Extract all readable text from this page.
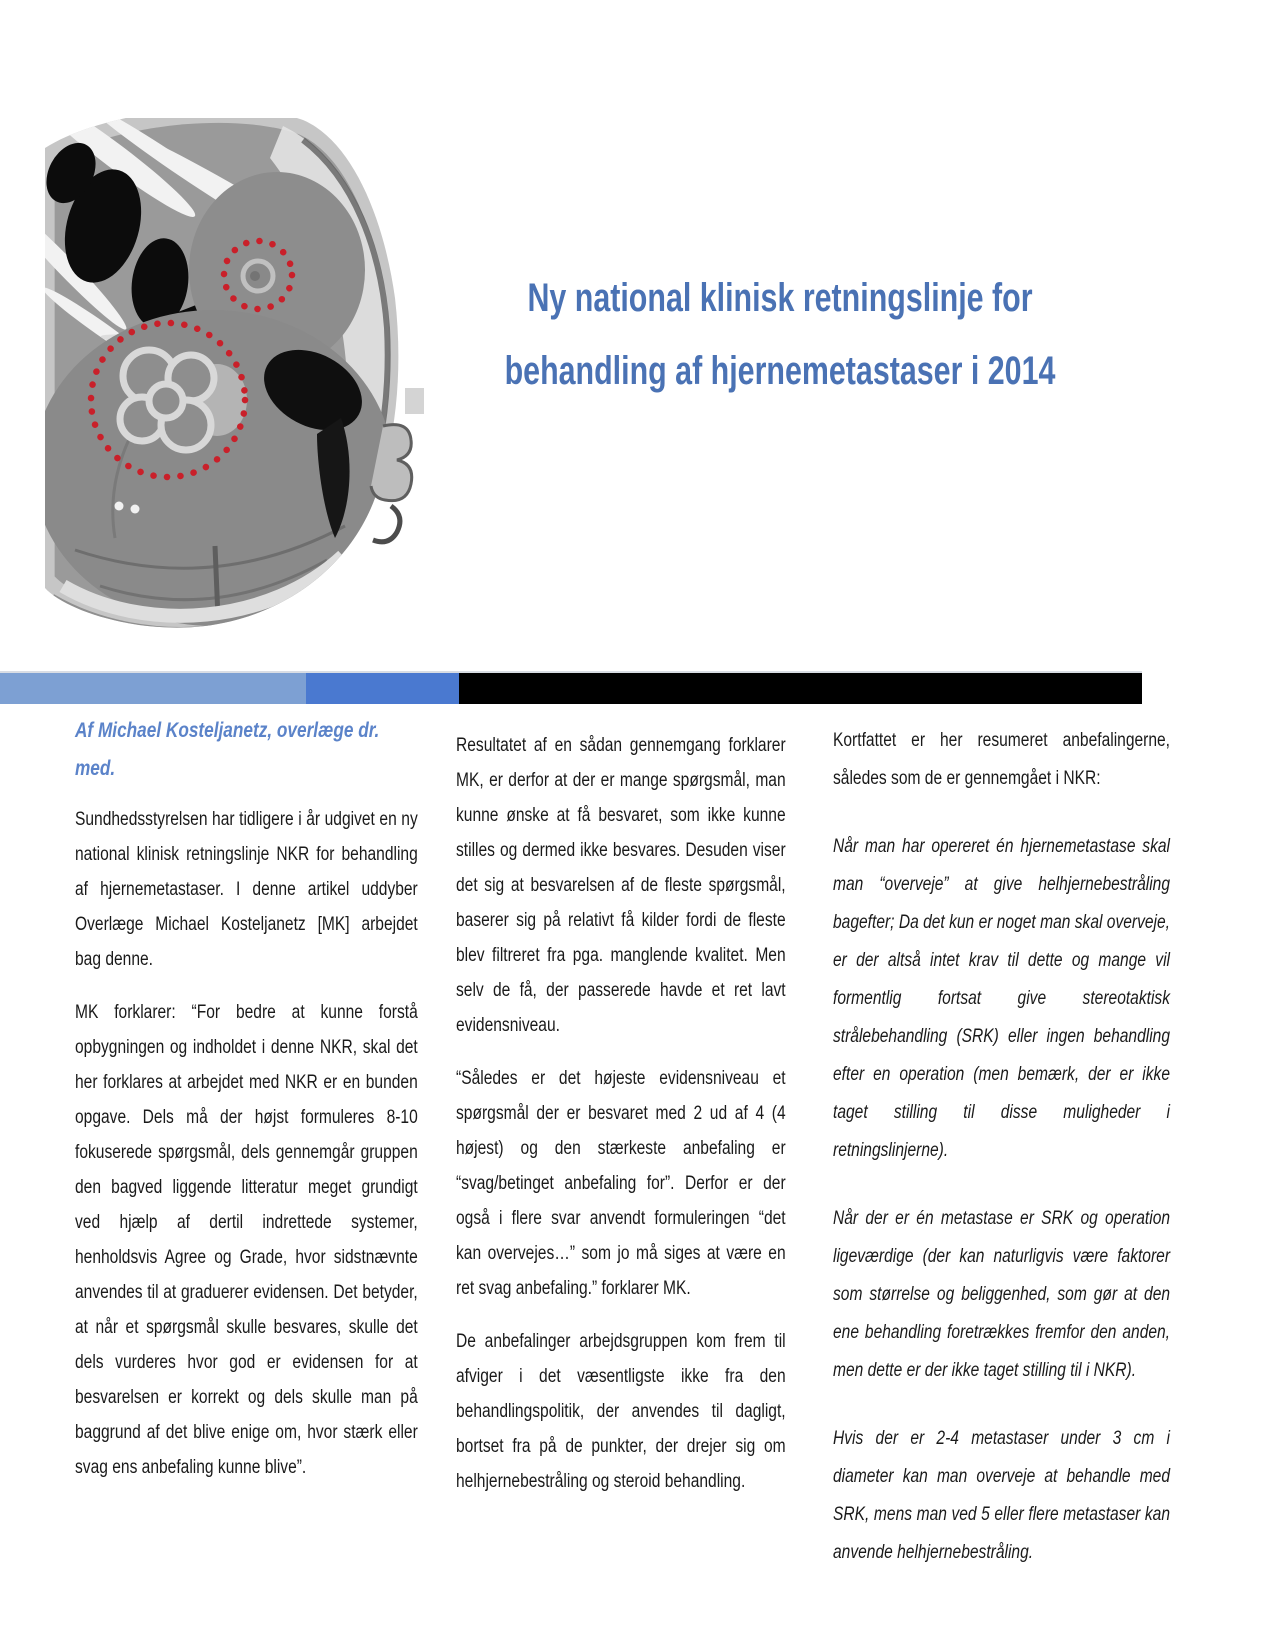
Ny national klinisk retningslinje for
behandling af hjernemetastaser i 2014

Af Michael Kosteljanetz, overlæge dr. med.

Sundhedsstyrelsen har tidligere i år udgivet en ny national klinisk retningslinje NKR for behandling af hjernemetastaser. I denne artikel uddyber Overlæge Michael Kosteljanetz [MK] arbejdet bag denne.

MK forklarer: “For bedre at kunne forstå opbygningen og indholdet i denne NKR, skal det her forklares at arbejdet med NKR er en bunden opgave. Dels må der højst formuleres 8-10 fokuserede spørgsmål, dels gennemgår gruppen den bagved liggende litteratur meget grundigt ved hjælp af dertil indrettede systemer, henholdsvis Agree og Grade, hvor sidstnævnte anvendes til at graduerer evidensen. Det betyder, at når et spørgsmål skulle besvares, skulle det dels vurderes hvor god er evidensen for at besvarelsen er korrekt og dels skulle man på baggrund af det blive enige om, hvor stærk eller svag ens anbefaling kunne blive”.

Resultatet af en sådan gennemgang forklarer MK, er derfor at der er mange spørgsmål, man kunne ønske at få besvaret, som ikke kunne stilles og dermed ikke besvares. Desuden viser det sig at besvarelsen af de fleste spørgsmål, baserer sig på relativt få kilder fordi de fleste blev filtreret fra pga. manglende kvalitet. Men selv de få, der passerede havde et ret lavt evidensniveau.

“Således er det højeste evidensniveau et spørgsmål der er besvaret med 2 ud af 4 (4 højest) og den stærkeste anbefaling er “svag/betinget anbefaling for”. Derfor er der også i flere svar anvendt formuleringen “det kan overvejes…” som jo må siges at være en ret svag anbefaling.” forklarer MK.

De anbefalinger arbejdsgruppen kom frem til afviger i det væsentligste ikke fra den behandlingspolitik, der anvendes til dagligt, bortset fra på de punkter, der drejer sig om helhjernebestråling og steroid behandling.

Kortfattet er her resumeret anbefalingerne, således som de er gennemgået i NKR:

Når man har opereret én hjernemetastase skal man “overveje” at give helhjernebestråling bagefter; Da det kun er noget man skal overveje, er der altså intet krav til dette og mange vil formentlig fortsat give stereotaktisk strålebehandling (SRK) eller ingen behandling efter en operation (men bemærk, der er ikke taget stilling til disse muligheder i retningslinjerne).

Når der er én metastase er SRK og operation ligeværdige (der kan naturligvis være faktorer som størrelse og beliggenhed, som gør at den ene behandling foretrækkes fremfor den anden, men dette er der ikke taget stilling til i NKR).

Hvis der er 2-4 metastaser under 3 cm i diameter kan man overveje at behandle med SRK, mens man ved 5 eller flere metastaser kan anvende helhjernebestråling.
